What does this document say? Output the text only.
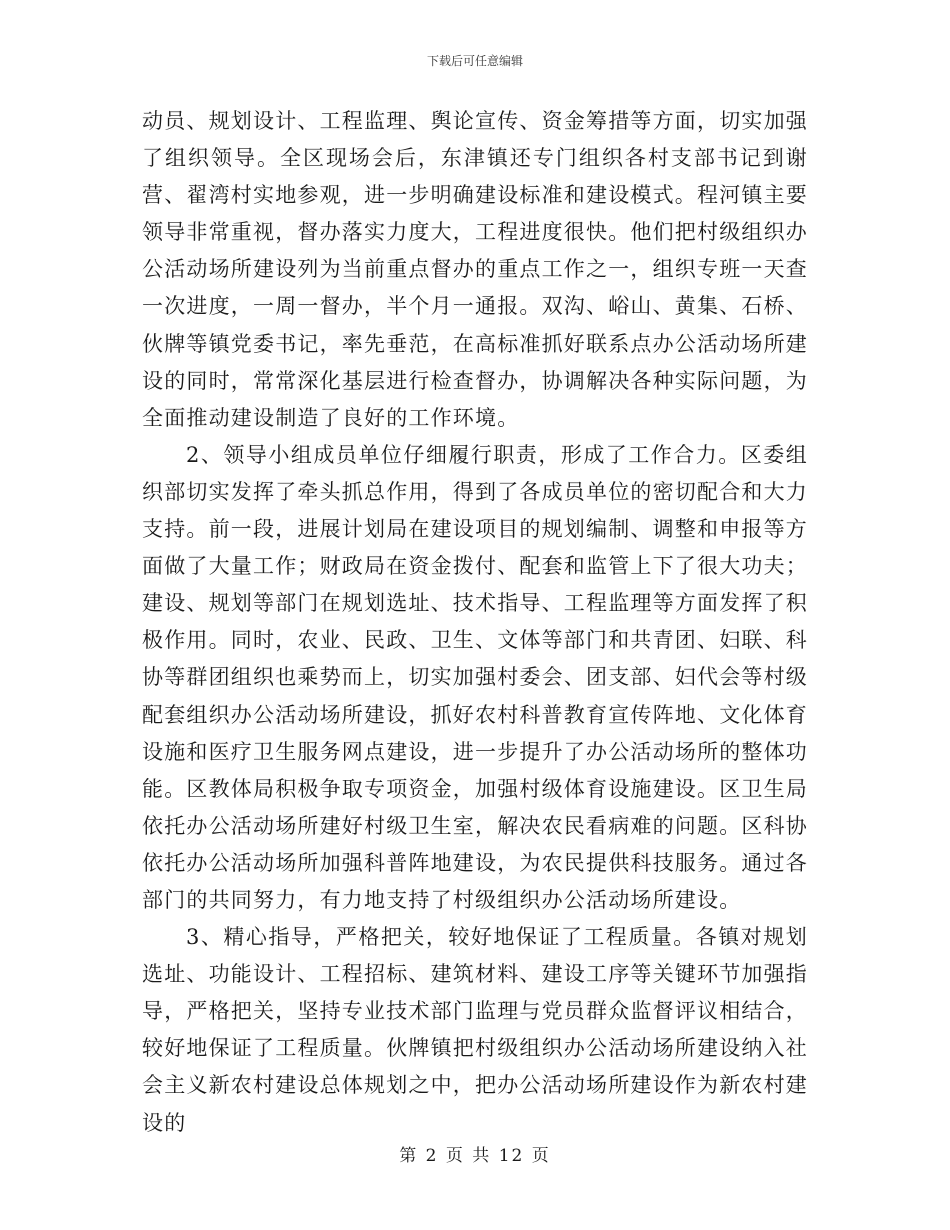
下载后可任意编辑

动员、规划设计、工程监理、舆论宣传、资金筹措等方面，切实加强了组织领导。全区现场会后，东津镇还专门组织各村支部书记到谢营、翟湾村实地参观，进一步明确建设标准和建设模式。程河镇主要领导非常重视，督办落实力度大，工程进度很快。他们把村级组织办公活动场所建设列为当前重点督办的重点工作之一，组织专班一天查一次进度，一周一督办，半个月一通报。双沟、峪山、黄集、石桥、伙牌等镇党委书记，率先垂范，在高标准抓好联系点办公活动场所建设的同时，常常深化基层进行检查督办，协调解决各种实际问题，为全面推动建设制造了良好的工作环境。

2、领导小组成员单位仔细履行职责，形成了工作合力。区委组织部切实发挥了牵头抓总作用，得到了各成员单位的密切配合和大力支持。前一段，进展计划局在建设项目的规划编制、调整和申报等方面做了大量工作；财政局在资金拨付、配套和监管上下了很大功夫；建设、规划等部门在规划选址、技术指导、工程监理等方面发挥了积极作用。同时，农业、民政、卫生、文体等部门和共青团、妇联、科协等群团组织也乘势而上，切实加强村委会、团支部、妇代会等村级配套组织办公活动场所建设，抓好农村科普教育宣传阵地、文化体育设施和医疗卫生服务网点建设，进一步提升了办公活动场所的整体功能。区教体局积极争取专项资金，加强村级体育设施建设。区卫生局依托办公活动场所建好村级卫生室，解决农民看病难的问题。区科协依托办公活动场所加强科普阵地建设，为农民提供科技服务。通过各部门的共同努力，有力地支持了村级组织办公活动场所建设。

3、精心指导，严格把关，较好地保证了工程质量。各镇对规划选址、功能设计、工程招标、建筑材料、建设工序等关键环节加强指导，严格把关，坚持专业技术部门监理与党员群众监督评议相结合，较好地保证了工程质量。伙牌镇把村级组织办公活动场所建设纳入社会主义新农村建设总体规划之中，把办公活动场所建设作为新农村建设的

第 2 页 共 12 页
